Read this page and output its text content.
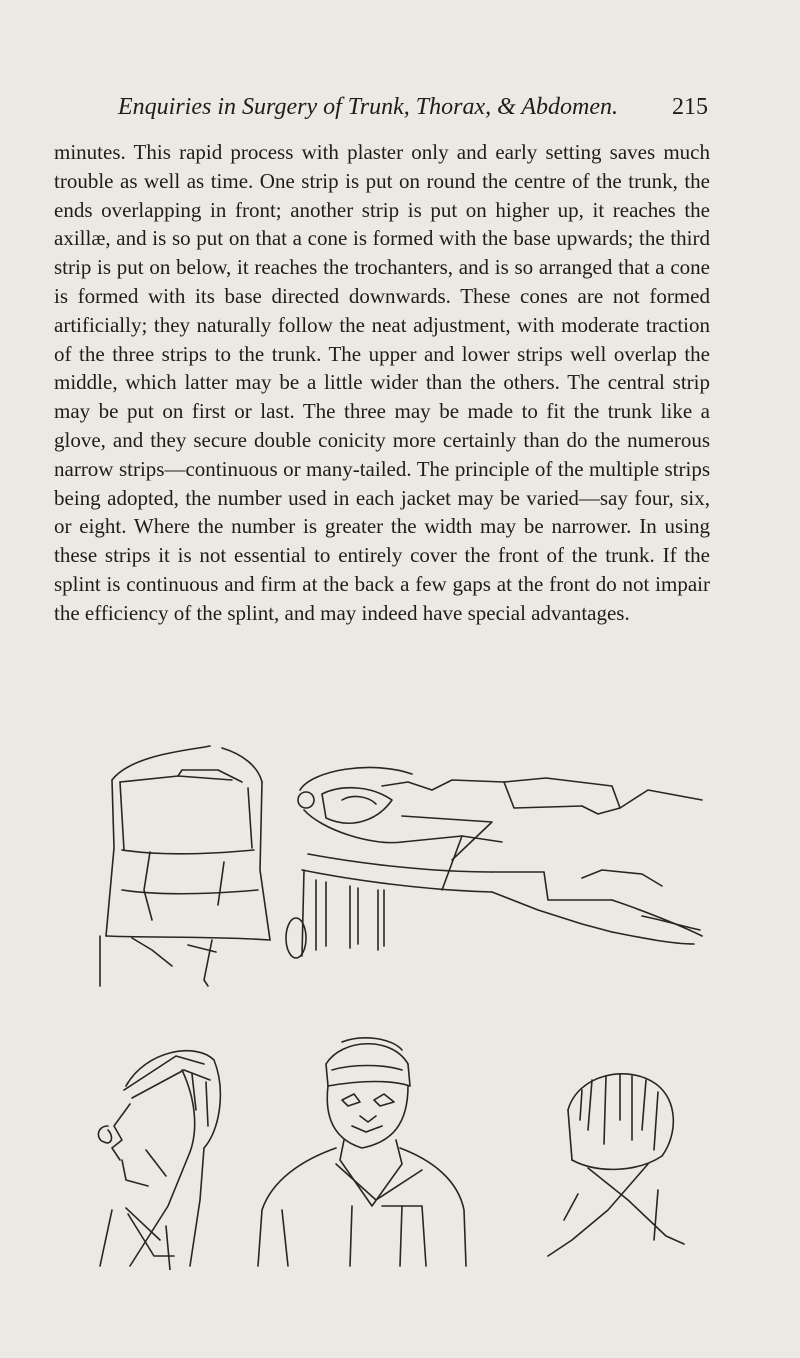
Enquiries in Surgery of Trunk, Thorax, & Abdomen. 215

minutes. This rapid process with plaster only and early setting saves much trouble as well as time. One strip is put on round the centre of the trunk, the ends overlapping in front; another strip is put on higher up, it reaches the axillæ, and is so put on that a cone is formed with the base upwards; the third strip is put on below, it reaches the trochanters, and is so arranged that a cone is formed with its base directed downwards. These cones are not formed artificially; they naturally follow the neat adjustment, with moderate traction of the three strips to the trunk. The upper and lower strips well overlap the middle, which latter may be a little wider than the others. The central strip may be put on first or last. The three may be made to fit the trunk like a glove, and they secure double conicity more certainly than do the numerous narrow strips—continuous or many-tailed. The principle of the multiple strips being adopted, the number used in each jacket may be varied—say four, six, or eight. Where the number is greater the width may be narrower. In using these strips it is not essential to entirely cover the front of the trunk. If the splint is continuous and firm at the back a few gaps at the front do not impair the efficiency of the splint, and may indeed have special advantages.
